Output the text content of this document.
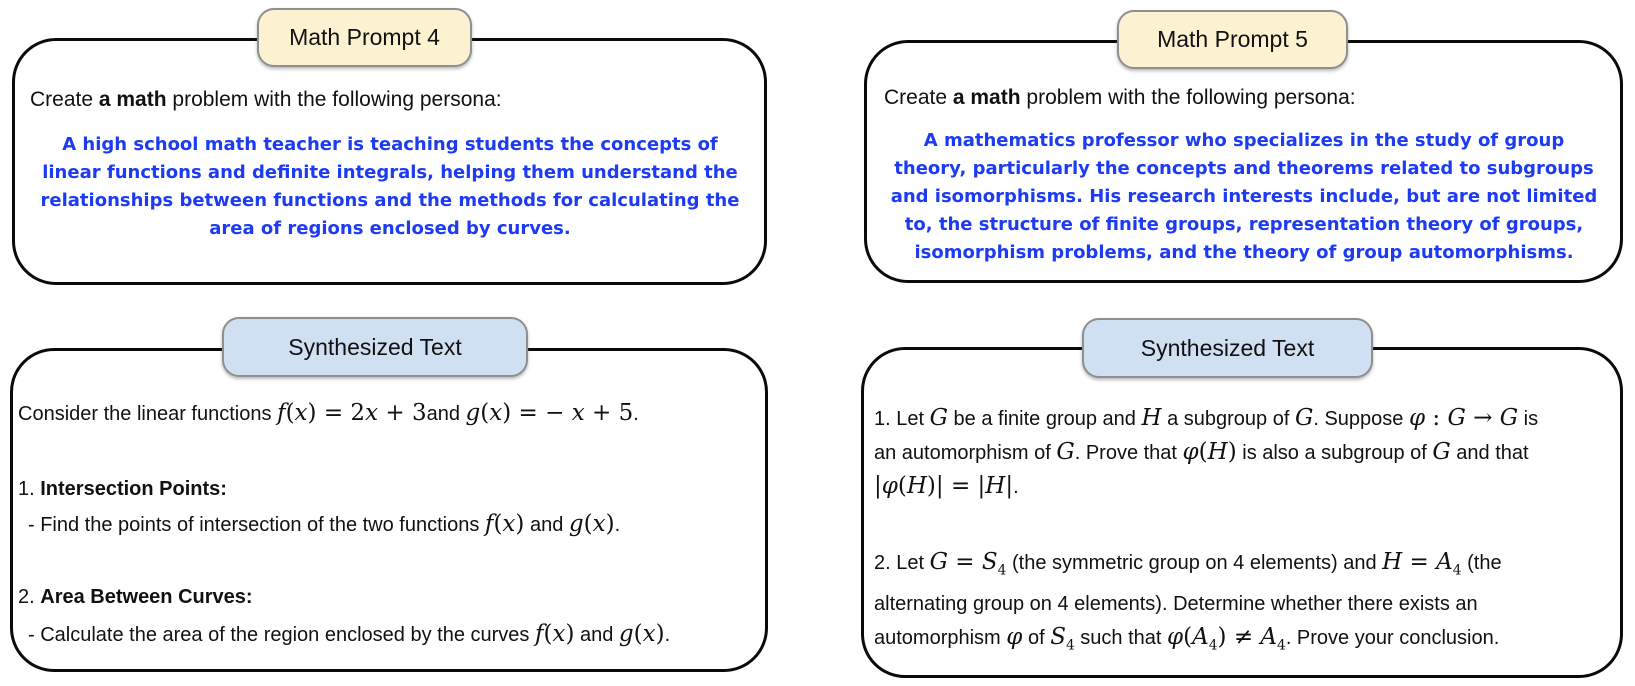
Math Prompt 4
Create a math problem with the following persona:
A high school math teacher is teaching students the concepts of
linear functions and definite integrals, helping them understand the
relationships between functions and the methods for calculating the
area of regions enclosed by curves.
Math Prompt 5
Create a math problem with the following persona:
A mathematics professor who specializes in the study of group
theory, particularly the concepts and theorems related to subgroups
and isomorphisms. His research interests include, but are not limited
to, the structure of finite groups, representation theory of groups,
isomorphism problems, and the theory of group automorphisms.
Synthesized Text
Consider the linear functions f(x) = 2x + 3and g(x) = − x + 5.
1. Intersection Points:
- Find the points of intersection of the two functions f(x) and g(x).
2. Area Between Curves:
- Calculate the area of the region enclosed by the curves f(x) and g(x).
Synthesized Text
1. Let G be a finite group and H a subgroup of G. Suppose φ : G → G is
an automorphism of G. Prove that φ(H) is also a subgroup of G and that
|φ(H)| = |H|.
2. Let $G = S_4$ (the symmetric group on 4 elements) and $H = A_4$ (the
alternating group on 4 elements). Determine whether there exists an
automorphism φ of $S_4$ such that $\varphi(A_4) \ne A_4$. Prove your conclusion.
